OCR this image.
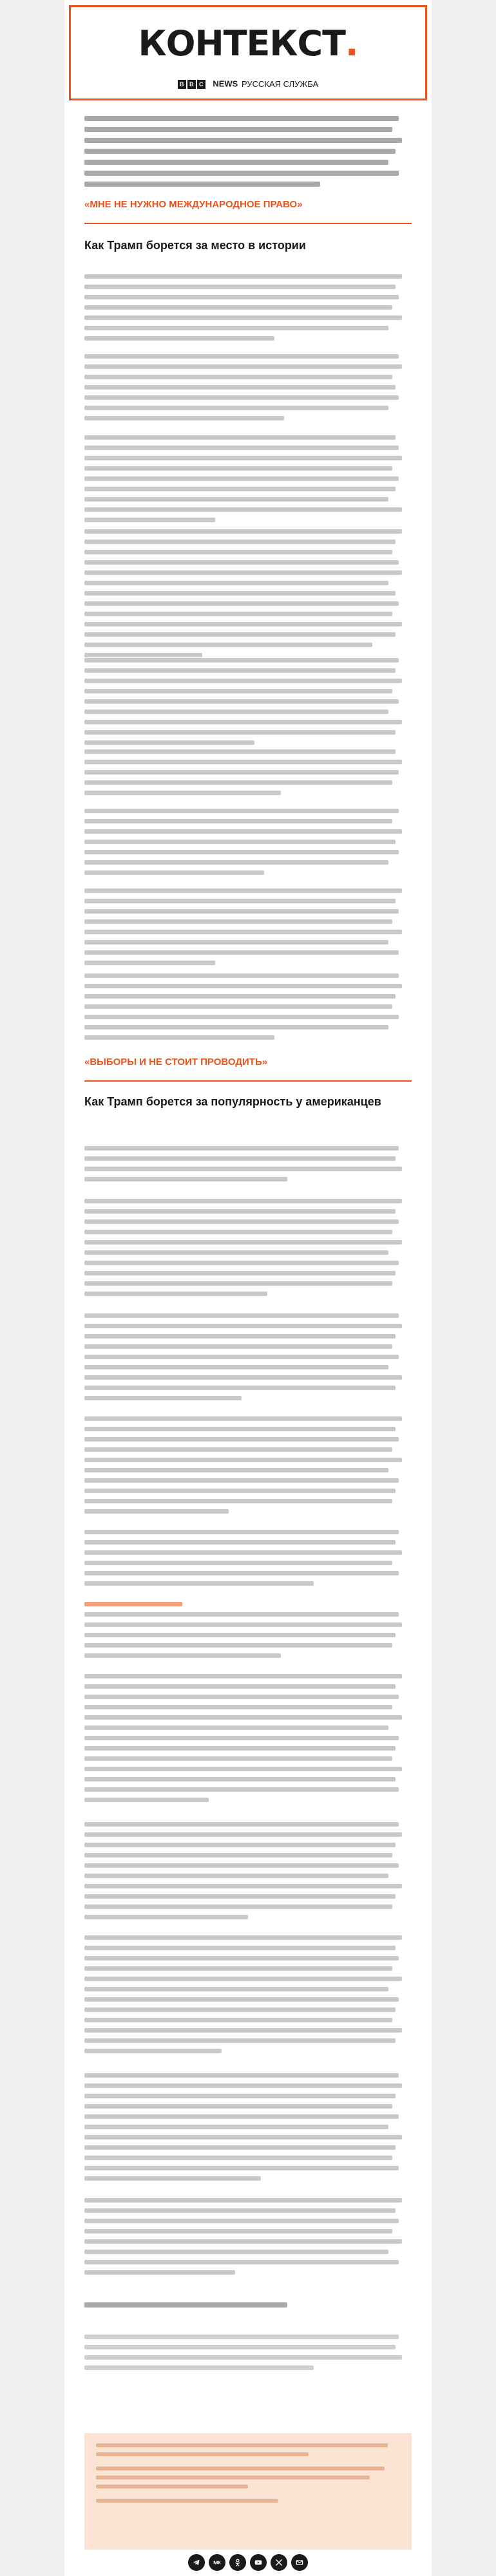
КОНТЕКСТ.
B B C NEWS РУССКАЯ СЛУЖБА

«МНЕ НЕ НУЖНО МЕЖДУНАРОДНОЕ ПРАВО»

Как Трамп борется за место в истории

«ВЫБОРЫ И НЕ СТОИТ ПРОВОДИТЬ»

Как Трамп борется за популярность у американцев
